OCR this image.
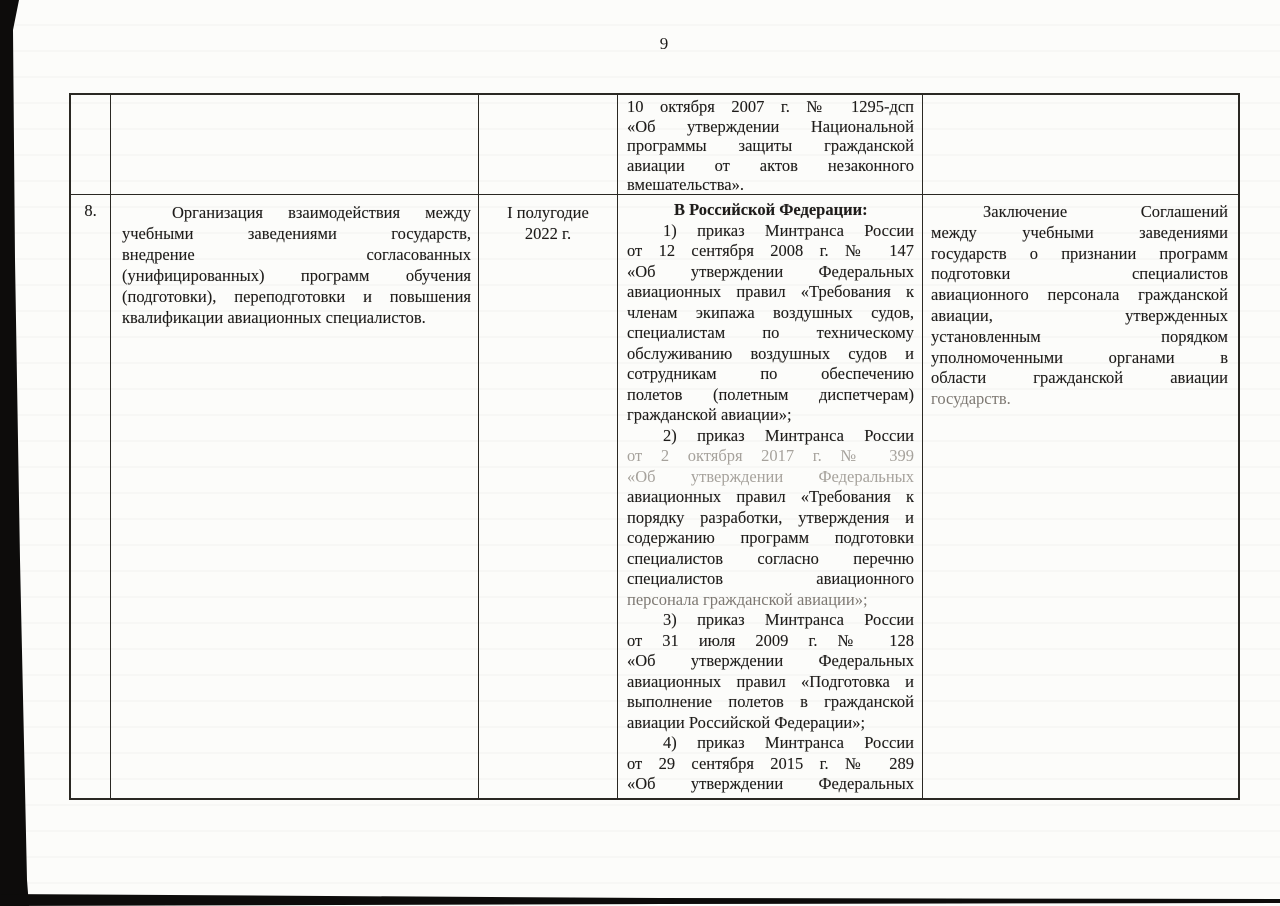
9
10 октября 2007 г. № 1295-дсп
«Об утверждении Национальной
программы защиты гражданской
авиации от актов незаконного
вмешательства».
8.	Организация взаимодействия между
учебными заведениями государств,
внедрение согласованных
(унифицированных) программ обучения
(подготовки), переподготовки и повышения
квалификации авиационных специалистов.
I полугодие
2022 г.
В Российской Федерации:
1) приказ Минтранса России
от 12 сентября 2008 г. № 147
«Об утверждении Федеральных
авиационных правил «Требования к
членам экипажа воздушных судов,
специалистам по техническому
обслуживанию воздушных судов и
сотрудникам по обеспечению
полетов (полетным диспетчерам)
гражданской авиации»;
2) приказ Минтранса России
от 2 октября 2017 г. № 399
«Об утверждении Федеральных
авиационных правил «Требования к
порядку разработки, утверждения и
содержанию программ подготовки
специалистов согласно перечню
специалистов авиационного
персонала гражданской авиации»;
3) приказ Минтранса России
от 31 июля 2009 г. № 128
«Об утверждении Федеральных
авиационных правил «Подготовка и
выполнение полетов в гражданской
авиации Российской Федерации»;
4) приказ Минтранса России
от 29 сентября 2015 г. № 289
«Об утверждении Федеральных
Заключение Соглашений
между учебными заведениями
государств о признании программ
подготовки специалистов
авиационного персонала гражданской
авиации, утвержденных
установленным порядком
уполномоченными органами в
области гражданской авиации
государств.
